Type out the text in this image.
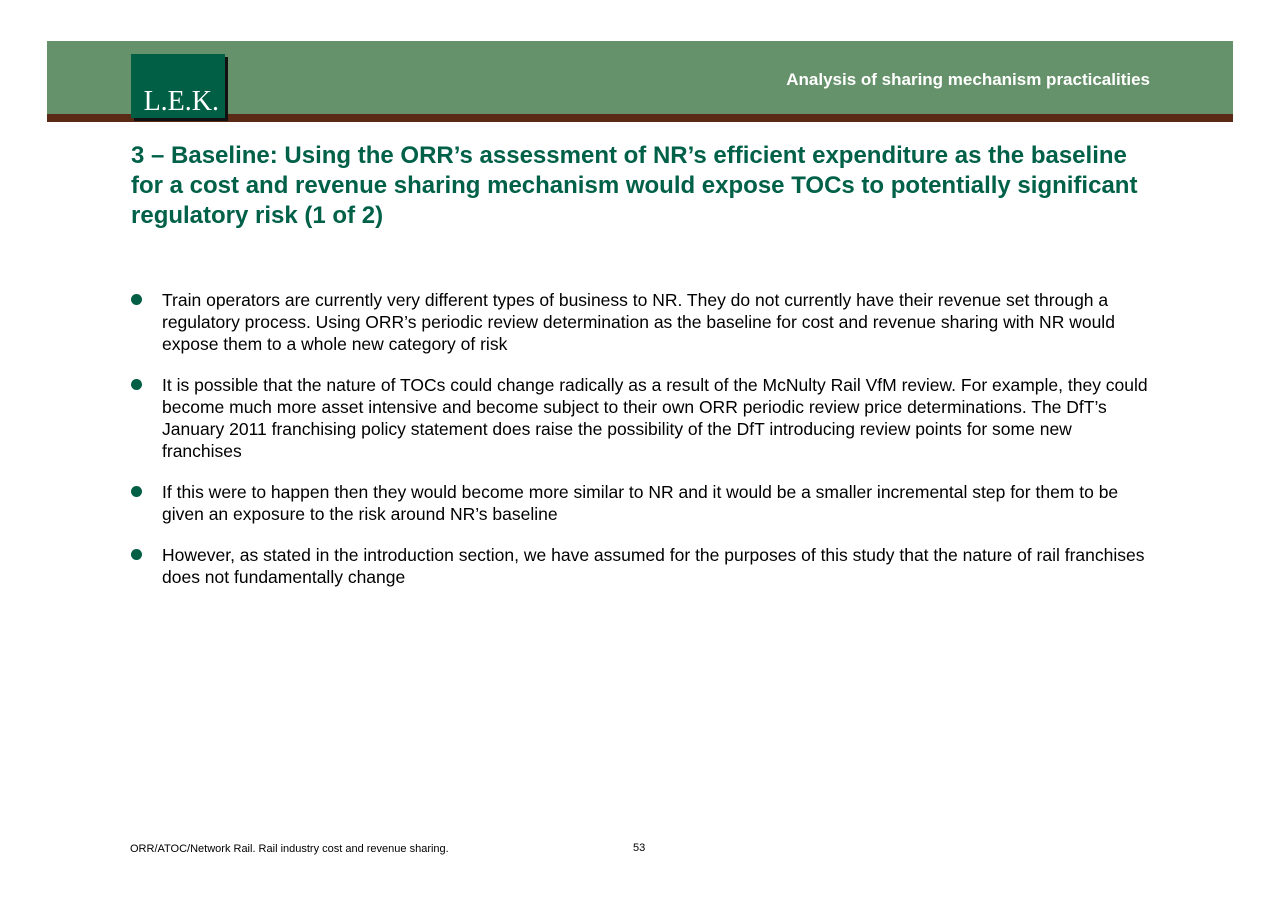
L.E.K.
Analysis of sharing mechanism practicalities
3 – Baseline: Using the ORR’s assessment of NR’s efficient expenditure as the baseline for a cost and revenue sharing mechanism would expose TOCs to potentially significant regulatory risk (1 of 2)
Train operators are currently very different types of business to NR. They do not currently have their revenue set through a regulatory process. Using ORR’s periodic review determination as the baseline for cost and revenue sharing with NR would expose them to a whole new category of risk
It is possible that the nature of TOCs could change radically as a result of the McNulty Rail VfM review. For example, they could become much more asset intensive and become subject to their own ORR periodic review price determinations. The DfT’s January 2011 franchising policy statement does raise the possibility of the DfT introducing review points for some new franchises
If this were to happen then they would become more similar to NR and it would be a smaller incremental step for them to be given an exposure to the risk around NR’s baseline
However, as stated in the introduction section, we have assumed for the purposes of this study that the nature of rail franchises does not fundamentally change
ORR/ATOC/Network Rail. Rail industry cost and revenue sharing.	53
